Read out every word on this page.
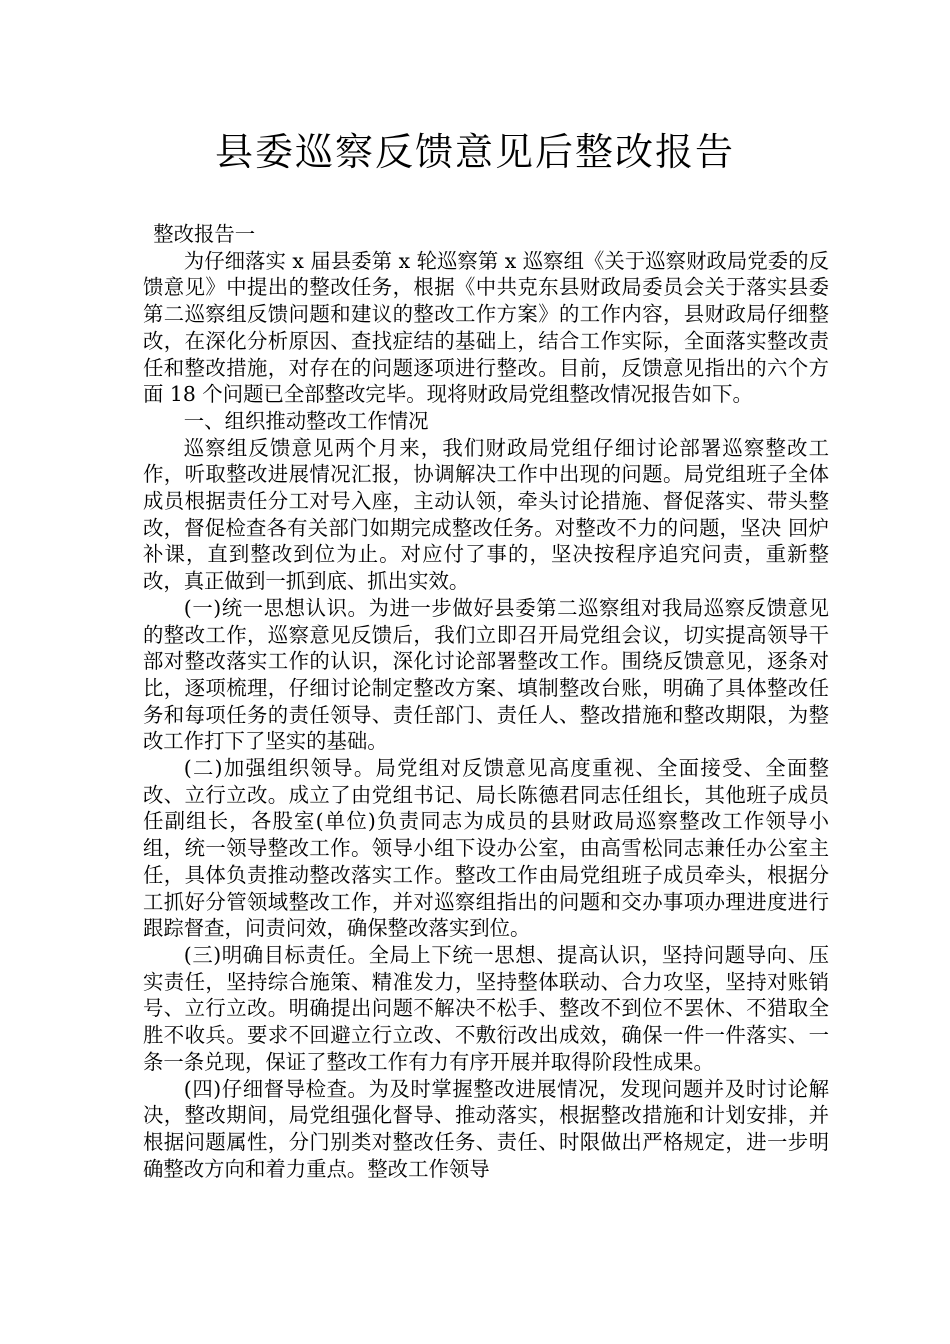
县委巡察反馈意见后整改报告

整改报告一

为仔细落实 x 届县委第 x 轮巡察第 x 巡察组《关于巡察财政局党委的反馈意见》中提出的整改任务，根据《中共克东县财政局委员会关于落实县委第二巡察组反馈问题和建议的整改工作方案》的工作内容，县财政局仔细整改，在深化分析原因、查找症结的基础上，结合工作实际，全面落实整改责任和整改措施，对存在的问题逐项进行整改。目前，反馈意见指出的六个方面 18 个问题已全部整改完毕。现将财政局党组整改情况报告如下。

一、组织推动整改工作情况

巡察组反馈意见两个月来，我们财政局党组仔细讨论部署巡察整改工作，听取整改进展情况汇报，协调解决工作中出现的问题。局党组班子全体成员根据责任分工对号入座，主动认领，牵头讨论措施、督促落实、带头整改，督促检查各有关部门如期完成整改任务。对整改不力的问题，坚决 回炉 补课，直到整改到位为止。对应付了事的，坚决按程序追究问责，重新整改，真正做到一抓到底、抓出实效。

(一)统一思想认识。为进一步做好县委第二巡察组对我局巡察反馈意见的整改工作，巡察意见反馈后，我们立即召开局党组会议，切实提高领导干部对整改落实工作的认识，深化讨论部署整改工作。围绕反馈意见，逐条对比，逐项梳理，仔细讨论制定整改方案、填制整改台账，明确了具体整改任务和每项任务的责任领导、责任部门、责任人、整改措施和整改期限，为整改工作打下了坚实的基础。

(二)加强组织领导。局党组对反馈意见高度重视、全面接受、全面整改、立行立改。成立了由党组书记、局长陈德君同志任组长，其他班子成员任副组长，各股室(单位)负责同志为成员的县财政局巡察整改工作领导小组，统一领导整改工作。领导小组下设办公室，由高雪松同志兼任办公室主任，具体负责推动整改落实工作。整改工作由局党组班子成员牵头，根据分工抓好分管领域整改工作，并对巡察组指出的问题和交办事项办理进度进行跟踪督查，问责问效，确保整改落实到位。

(三)明确目标责任。全局上下统一思想、提高认识，坚持问题导向、压实责任，坚持综合施策、精准发力，坚持整体联动、合力攻坚，坚持对账销号、立行立改。明确提出问题不解决不松手、整改不到位不罢休、不猎取全胜不收兵。要求不回避立行立改、不敷衍改出成效，确保一件一件落实、一条一条兑现，保证了整改工作有力有序开展并取得阶段性成果。

(四)仔细督导检查。为及时掌握整改进展情况，发现问题并及时讨论解决，整改期间，局党组强化督导、推动落实，根据整改措施和计划安排，并根据问题属性，分门别类对整改任务、责任、时限做出严格规定，进一步明确整改方向和着力重点。整改工作领导
